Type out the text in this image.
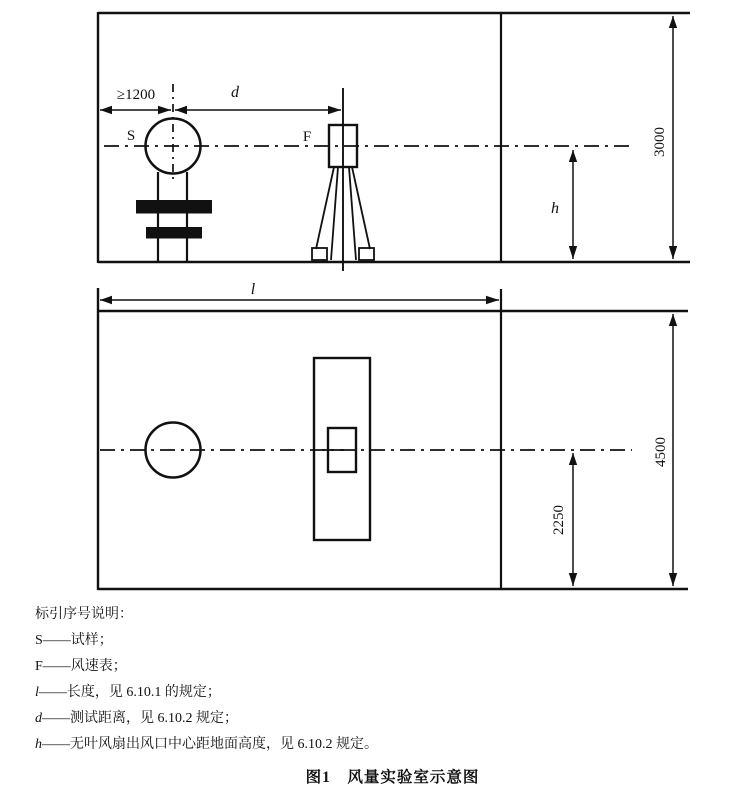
S	F
≥1200	d
h
3000
l
2250
4500
标引序号说明：
S——试样；
F——风速表；
l——长度，见 6.10.1 的规定；
d——测试距离，见 6.10.2 规定；
h——无叶风扇出风口中心距地面高度，见 6.10.2 规定。
图1　风量实验室示意图
